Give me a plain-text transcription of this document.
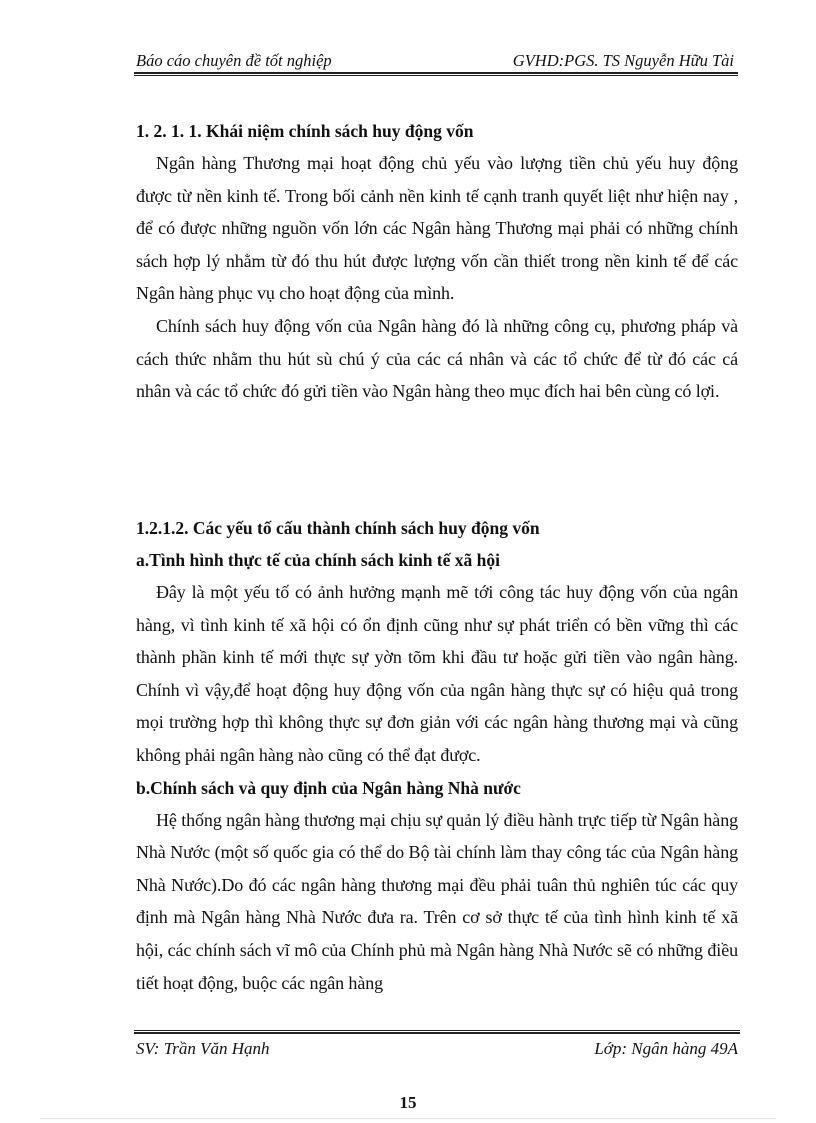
Báo cáo chuyên đề tốt nghiệp	GVHD:PGS. TS Nguyễn Hữu Tài

1. 2. 1. 1. Khái niệm chính sách huy động vốn

Ngân hàng Thương mại hoạt động chủ yếu vào lượng tiền chủ yếu huy động được từ nền kinh tế. Trong bối cảnh nền kinh tế cạnh tranh quyết liệt như hiện nay , để có được những nguồn vốn lớn các Ngân hàng Thương mại phải có những chính sách hợp lý nhằm từ đó thu hút được lượng vốn cần thiết trong nền kinh tế để các Ngân hàng phục vụ cho hoạt động của mình.

Chính sách huy động vốn của Ngân hàng đó là những công cụ, phương pháp và cách thức nhằm thu hút sù chú ý của các cá nhân và các tổ chức để từ đó các cá nhân và các tổ chức đó gửi tiền vào Ngân hàng theo mục đích hai bên cùng có lợi.

1.2.1.2. Các yếu tố cấu thành chính sách huy động vốn

a.Tình hình thực tế của chính sách kinh tế xã hội

Đây là một yếu tố có ảnh hưởng mạnh mẽ tới công tác huy động vốn của ngân hàng, vì tình kinh tế xã hội có ổn định cũng như sự phát triển có bền vững thì các thành phần kinh tế mới thực sự yờn tõm khi đầu tư hoặc gửi tiền vào ngân hàng. Chính vì vậy,để hoạt động huy động vốn của ngân hàng thực sự có hiệu quả trong mọi trường hợp thì không thực sự đơn giản với các ngân hàng thương mại và cũng không phải ngân hàng nào cũng có thể đạt được.

b.Chính sách và quy định của Ngân hàng Nhà nước

Hệ thống ngân hàng thương mại chịu sự quản lý điều hành trực tiếp từ Ngân hàng Nhà Nước (một số quốc gia có thể do Bộ tài chính làm thay công tác của Ngân hàng Nhà Nước).Do đó các ngân hàng thương mại đều phải tuân thủ nghiên túc các quy định mà Ngân hàng Nhà Nước đưa ra. Trên cơ sở thực tế của tình hình kinh tế xã hội, các chính sách vĩ mô của Chính phủ mà Ngân hàng Nhà Nước sẽ có những điều tiết hoạt động, buộc các ngân hàng

SV: Trần Văn Hạnh	Lớp: Ngân hàng 49A
15
